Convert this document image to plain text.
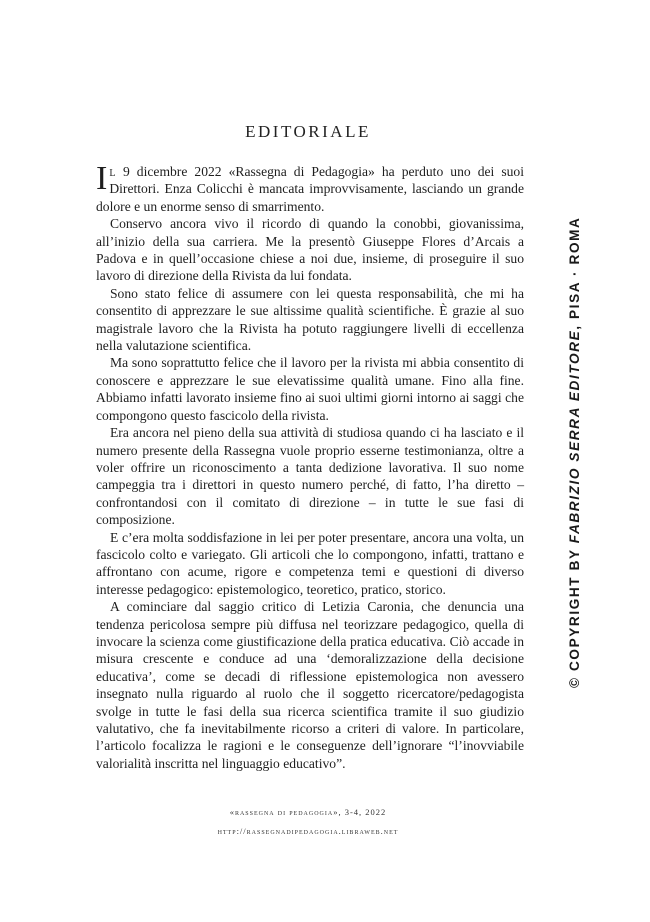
EDITORIALE

Il 9 dicembre 2022 «Rassegna di Pedagogia» ha perduto uno dei suoi Direttori. Enza Colicchi è mancata improvvisamente, lasciando un grande dolore e un enorme senso di smarrimento.

Conservo ancora vivo il ricordo di quando la conobbi, giovanissima, all’inizio della sua carriera. Me la presentò Giuseppe Flores d’Arcais a Padova e in quell’occasione chiese a noi due, insieme, di proseguire il suo lavoro di direzione della Rivista da lui fondata.

Sono stato felice di assumere con lei questa responsabilità, che mi ha consentito di apprezzare le sue altissime qualità scientifiche. È grazie al suo magistrale lavoro che la Rivista ha potuto raggiungere livelli di eccellenza nella valutazione scientifica.

Ma sono soprattutto felice che il lavoro per la rivista mi abbia consentito di conoscere e apprezzare le sue elevatissime qualità umane. Fino alla fine. Abbiamo infatti lavorato insieme fino ai suoi ultimi giorni intorno ai saggi che compongono questo fascicolo della rivista.

Era ancora nel pieno della sua attività di studiosa quando ci ha lasciato e il numero presente della Rassegna vuole proprio esserne testimonianza, oltre a voler offrire un riconoscimento a tanta dedizione lavorativa. Il suo nome campeggia tra i direttori in questo numero perché, di fatto, l’ha diretto – confrontandosi con il comitato di direzione – in tutte le sue fasi di composizione.

E c’era molta soddisfazione in lei per poter presentare, ancora una volta, un fascicolo colto e variegato. Gli articoli che lo compongono, infatti, trattano e affrontano con acume, rigore e competenza temi e questioni di diverso interesse pedagogico: epistemologico, teoretico, pratico, storico.

A cominciare dal saggio critico di Letizia Caronia, che denuncia una tendenza pericolosa sempre più diffusa nel teorizzare pedagogico, quella di invocare la scienza come giustificazione della pratica educativa. Ciò accade in misura crescente e conduce ad una ‘demoralizzazione della decisione educativa’, come se decadi di riflessione epistemologica non avessero insegnato nulla riguardo al ruolo che il soggetto ricercatore/pedagogista svolge in tutte le fasi della sua ricerca scientifica tramite il suo giudizio valutativo, che fa inevitabilmente ricorso a criteri di valore. In particolare, l’articolo focalizza le ragioni e le conseguenze dell’ignorare “l’inovviabile valorialità inscritta nel linguaggio educativo”.

«rassegna di pedagogia», 3-4, 2022
http://rassegnadipedagogia.libraweb.net
© COPYRIGHT BY FABRIZIO SERRA EDITORE, PISA · ROMA
